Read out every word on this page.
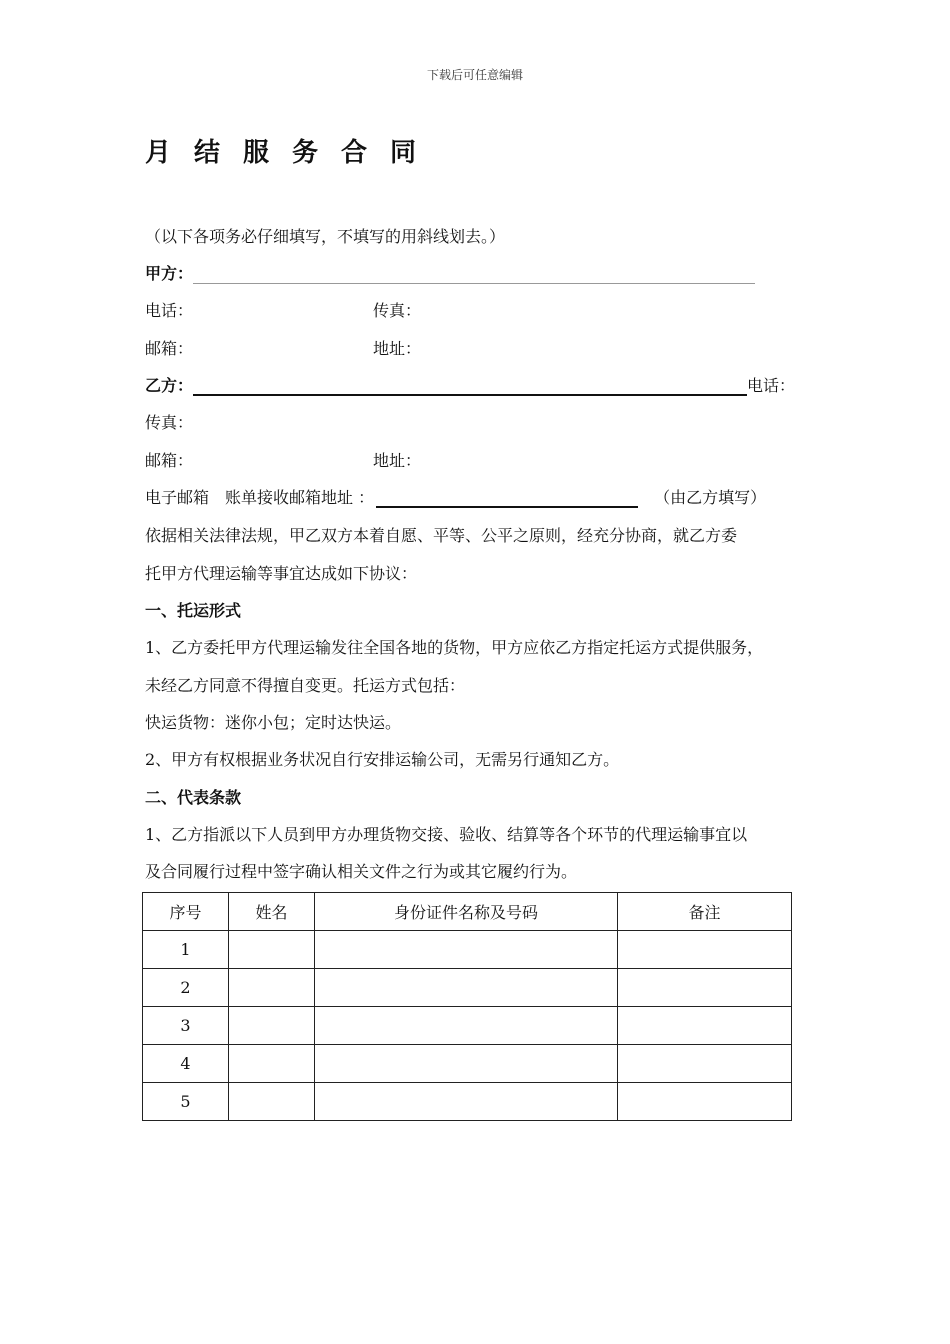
下载后可任意编辑
月结服务合同
（以下各项务必仔细填写，不填写的用斜线划去。）
甲方：
电话：	传真：
邮箱：	地址：
乙方：	电话：
传真：
邮箱：	地址：
电子邮箱　账单接收邮箱地址 ：	（由乙方填写）
依据相关法律法规，甲乙双方本着自愿、平等、公平之原则，经充分协商，就乙方委
托甲方代理运输等事宜达成如下协议：
一、托运形式
1、乙方委托甲方代理运输发往全国各地的货物，甲方应依乙方指定托运方式提供服务，
未经乙方同意不得擅自变更。托运方式包括：
快运货物：迷你小包；定时达快运。
2、甲方有权根据业务状况自行安排运输公司，无需另行通知乙方。
二、代表条款
1、乙方指派以下人员到甲方办理货物交接、验收、结算等各个环节的代理运输事宜以
及合同履行过程中签字确认相关文件之行为或其它履约行为。
序号	姓名	身份证件名称及号码	备注
1			
2			
3			
4			
5			
